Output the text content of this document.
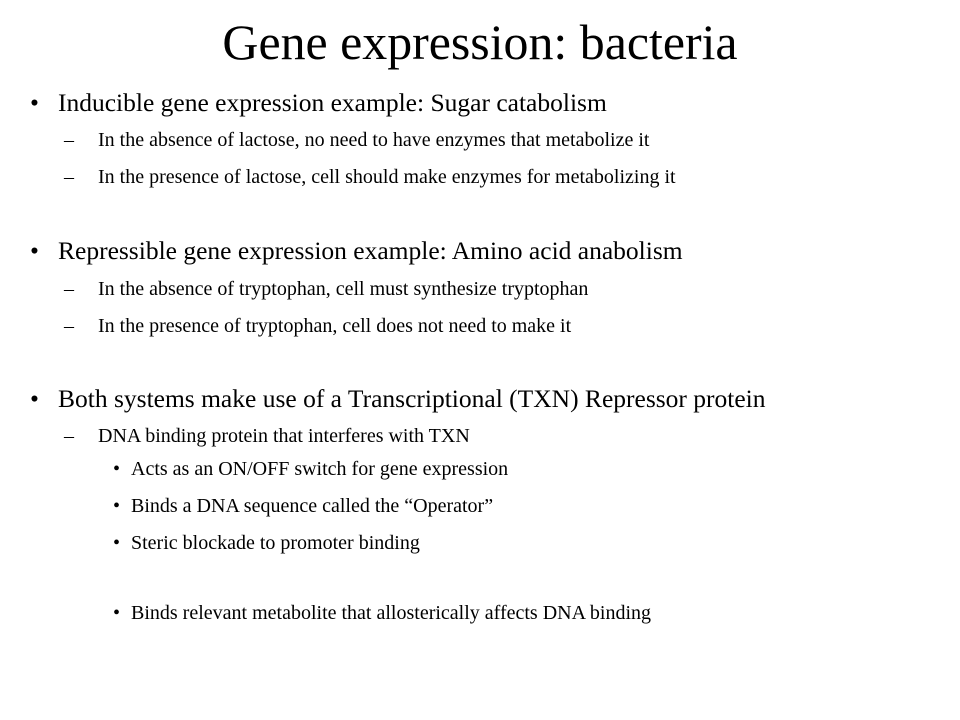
Gene expression: bacteria
• Inducible gene expression example: Sugar catabolism
– In the absence of lactose, no need to have enzymes that metabolize it
– In the presence of lactose, cell should make enzymes for metabolizing it
• Repressible gene expression example: Amino acid anabolism
– In the absence of tryptophan, cell must synthesize tryptophan
– In the presence of tryptophan, cell does not need to make it
• Both systems make use of a Transcriptional (TXN) Repressor protein
– DNA binding protein that interferes with TXN
• Acts as an ON/OFF switch for gene expression
• Binds a DNA sequence called the “Operator”
• Steric blockade to promoter binding
• Binds relevant metabolite that allosterically affects DNA binding
